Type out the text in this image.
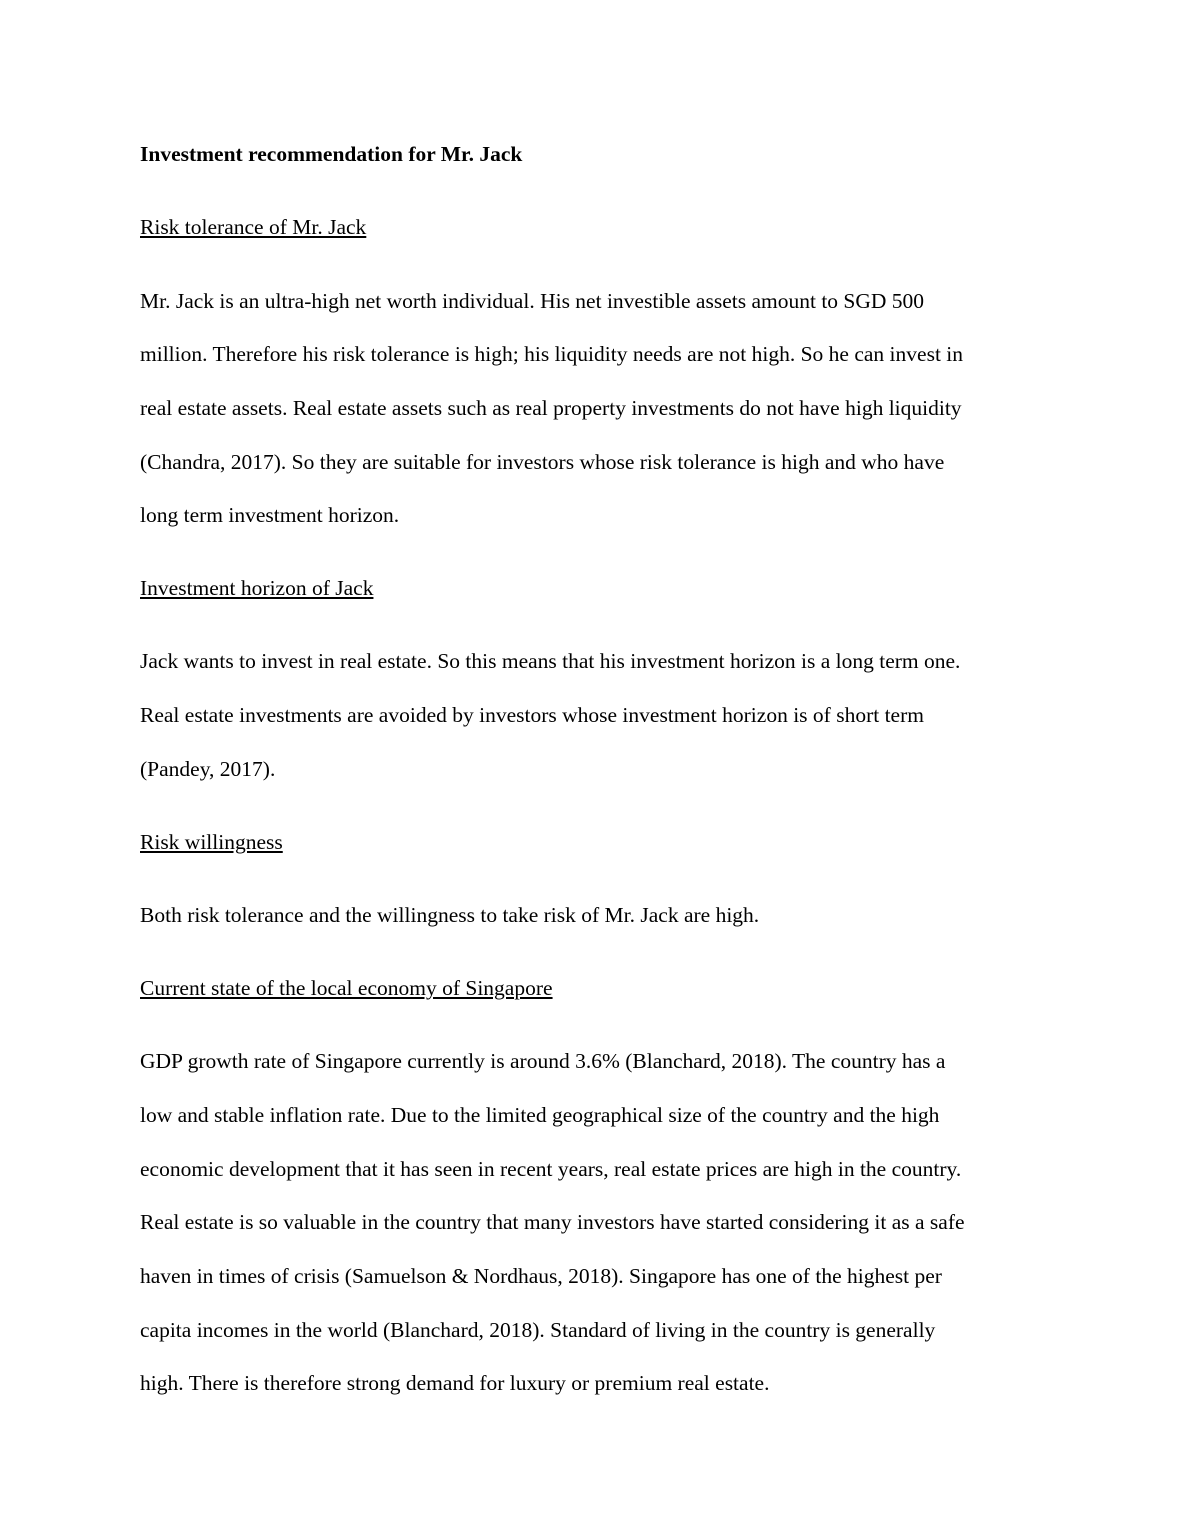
Investment recommendation for Mr. Jack

Risk tolerance of Mr. Jack

Mr. Jack is an ultra-high net worth individual. His net investible assets amount to SGD 500

million. Therefore his risk tolerance is high; his liquidity needs are not high. So he can invest in

real estate assets. Real estate assets such as real property investments do not have high liquidity

(Chandra, 2017). So they are suitable for investors whose risk tolerance is high and who have

long term investment horizon.

Investment horizon of Jack

Jack wants to invest in real estate. So this means that his investment horizon is a long term one.

Real estate investments are avoided by investors whose investment horizon is of short term

(Pandey, 2017).

Risk willingness

Both risk tolerance and the willingness to take risk of Mr. Jack are high.

Current state of the local economy of Singapore

GDP growth rate of Singapore currently is around 3.6% (Blanchard, 2018). The country has a

low and stable inflation rate. Due to the limited geographical size of the country and the high

economic development that it has seen in recent years, real estate prices are high in the country.

Real estate is so valuable in the country that many investors have started considering it as a safe

haven in times of crisis (Samuelson & Nordhaus, 2018). Singapore has one of the highest per

capita incomes in the world (Blanchard, 2018). Standard of living in the country is generally

high. There is therefore strong demand for luxury or premium real estate.
